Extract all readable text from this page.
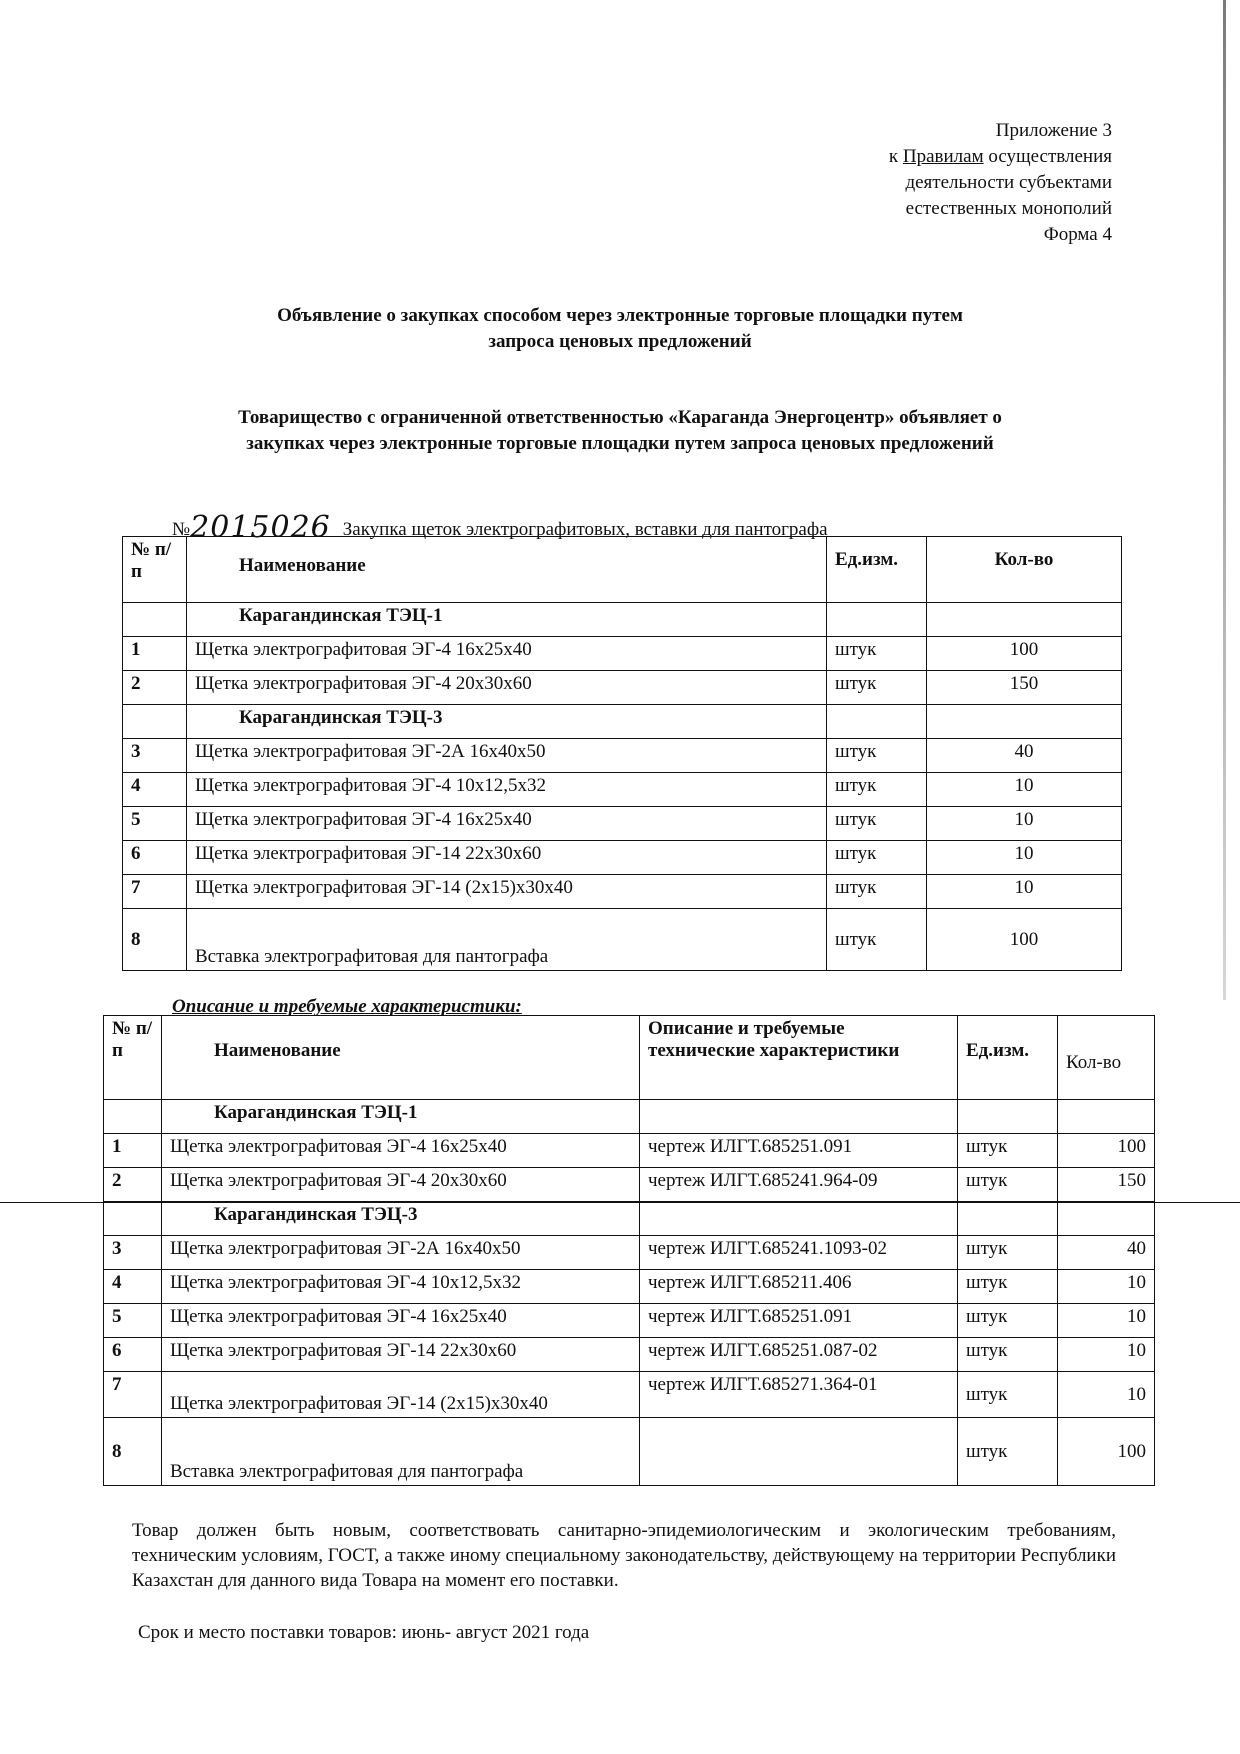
Приложение 3
к Правилам осуществления
деятельности субъектами
естественных монополий
Форма 4
Объявление о закупках способом через электронные торговые площадки путем
запроса ценовых предложений
Товарищество с ограниченной ответственностью «Караганда Энергоцентр» объявляет о
закупках через электронные торговые площадки путем запроса ценовых предложений
№2015026 Закупка щеток электрографитовых, вставки для пантографа
№ п/п	Наименование	Ед.изм.	Кол-во
	Карагандинская ТЭЦ-1		
1	Щетка электрографитовая ЭГ-4 16х25х40	штук	100
2	Щетка электрографитовая ЭГ-4 20х30х60	штук	150
	Карагандинская ТЭЦ-3		
3	Щетка электрографитовая ЭГ-2А 16х40х50	штук	40
4	Щетка электрографитовая ЭГ-4 10х12,5х32	штук	10
5	Щетка электрографитовая ЭГ-4 16х25х40	штук	10
6	Щетка электрографитовая ЭГ-14 22х30х60	штук	10
7	Щетка электрографитовая ЭГ-14 (2х15)х30х40	штук	10
8	Вставка электрографитовая для пантографа	штук	100
Описание и требуемые характеристики:
№ п/п	Наименование	Описание и требуемые технические характеристики	Ед.изм.	Кол-во
	Карагандинская ТЭЦ-1			
1	Щетка электрографитовая ЭГ-4 16х25х40	чертеж ИЛГТ.685251.091	штук	100
2	Щетка электрографитовая ЭГ-4 20х30х60	чертеж ИЛГТ.685241.964-09	штук	150
	Карагандинская ТЭЦ-3			
3	Щетка электрографитовая ЭГ-2А 16х40х50	чертеж ИЛГТ.685241.1093-02	штук	40
4	Щетка электрографитовая ЭГ-4 10х12,5х32	чертеж ИЛГТ.685211.406	штук	10
5	Щетка электрографитовая ЭГ-4 16х25х40	чертеж ИЛГТ.685251.091	штук	10
6	Щетка электрографитовая ЭГ-14 22х30х60	чертеж ИЛГТ.685251.087-02	штук	10
7	Щетка электрографитовая ЭГ-14 (2х15)х30х40	чертеж ИЛГТ.685271.364-01	штук	10
8	Вставка электрографитовая для пантографа		штук	100
Товар должен быть новым, соответствовать санитарно-эпидемиологическим и экологическим требованиям, техническим условиям, ГОСТ, а также иному специальному законодательству, действующему на территории Республики Казахстан для данного вида Товара на момент его поставки.
Срок и место поставки товаров: июнь- август 2021 года
